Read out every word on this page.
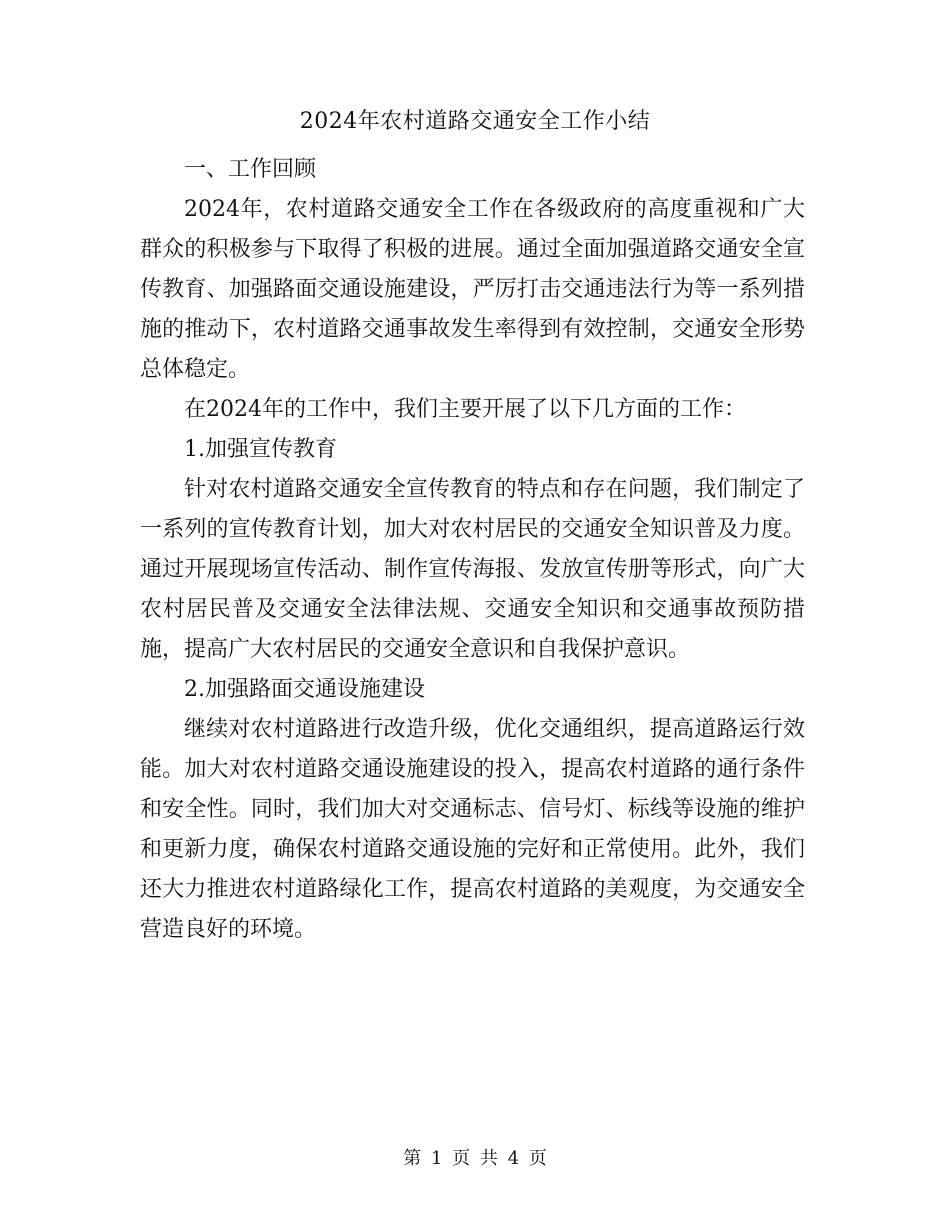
2024年农村道路交通安全工作小结

一、工作回顾

2024年，农村道路交通安全工作在各级政府的高度重视和广大群众的积极参与下取得了积极的进展。通过全面加强道路交通安全宣传教育、加强路面交通设施建设，严厉打击交通违法行为等一系列措施的推动下，农村道路交通事故发生率得到有效控制，交通安全形势总体稳定。

在2024年的工作中，我们主要开展了以下几方面的工作：

1.加强宣传教育

针对农村道路交通安全宣传教育的特点和存在问题，我们制定了一系列的宣传教育计划，加大对农村居民的交通安全知识普及力度。通过开展现场宣传活动、制作宣传海报、发放宣传册等形式，向广大农村居民普及交通安全法律法规、交通安全知识和交通事故预防措施，提高广大农村居民的交通安全意识和自我保护意识。

2.加强路面交通设施建设

继续对农村道路进行改造升级，优化交通组织，提高道路运行效能。加大对农村道路交通设施建设的投入，提高农村道路的通行条件和安全性。同时，我们加大对交通标志、信号灯、标线等设施的维护和更新力度，确保农村道路交通设施的完好和正常使用。此外，我们还大力推进农村道路绿化工作，提高农村道路的美观度，为交通安全营造良好的环境。

第 1 页 共 4 页
